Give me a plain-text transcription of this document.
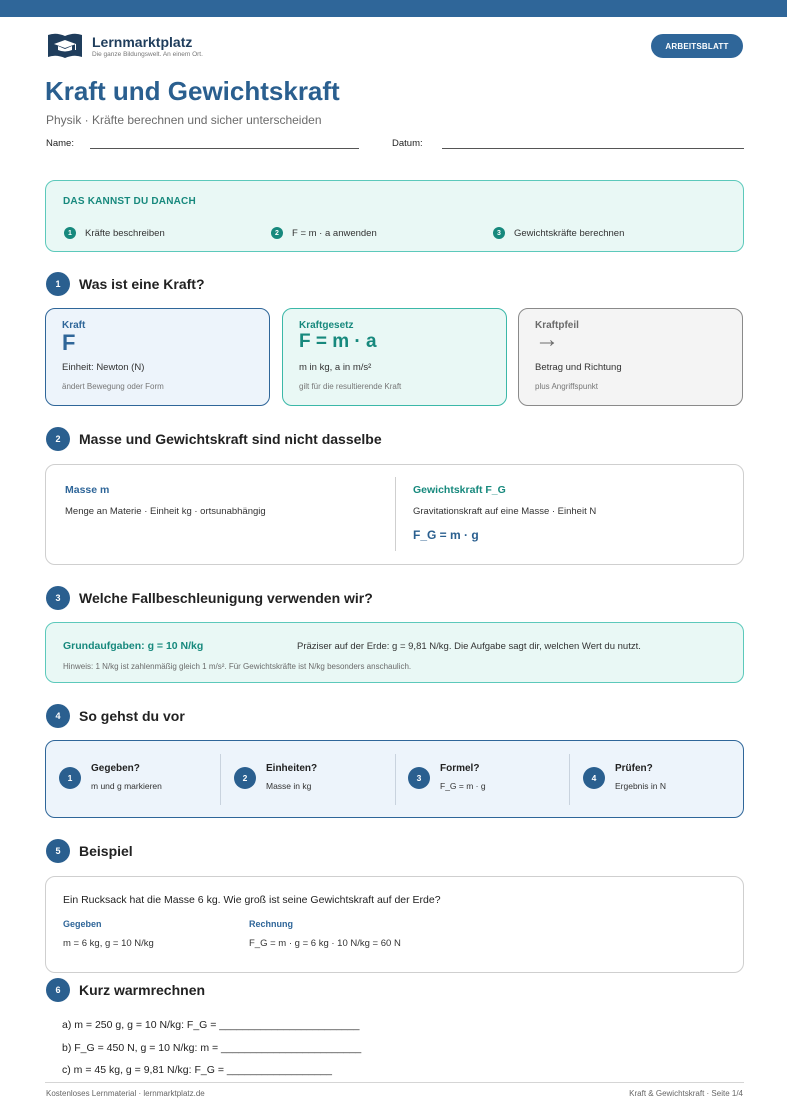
Lernmarktplatz
Die ganze Bildungswelt. An einem Ort.
ARBEITSBLATT
Kraft und Gewichtskraft
Physik · Kräfte berechnen und sicher unterscheiden
Name:	Datum:
DAS KANNST DU DANACH
1	Kräfte beschreiben	2	F = m · a anwenden	3	Gewichtskräfte berechnen
1	Was ist eine Kraft?
Kraft
F
Einheit: Newton (N)
ändert Bewegung oder Form
Kraftgesetz
F = m · a
m in kg, a in m/s²
gilt für die resultierende Kraft
Kraftpfeil
→
Betrag und Richtung
plus Angriffspunkt
2	Masse und Gewichtskraft sind nicht dasselbe
Masse m
Menge an Materie · Einheit kg · ortsunabhängig
Gewichtskraft F_G
Gravitationskraft auf eine Masse · Einheit N
F_G = m · g
3	Welche Fallbeschleunigung verwenden wir?
Grundaufgaben: g = 10 N/kg	Präziser auf der Erde: g = 9,81 N/kg. Die Aufgabe sagt dir, welchen Wert du nutzt.
Hinweis: 1 N/kg ist zahlenmäßig gleich 1 m/s². Für Gewichtskräfte ist N/kg besonders anschaulich.
4	So gehst du vor
1
Gegeben?
m und g markieren
2
Einheiten?
Masse in kg
3
Formel?
F_G = m · g
4
Prüfen?
Ergebnis in N
5	Beispiel
Ein Rucksack hat die Masse 6 kg. Wie groß ist seine Gewichtskraft auf der Erde?
Gegeben
m = 6 kg, g = 10 N/kg
Rechnung
F_G = m · g = 6 kg · 10 N/kg = 60 N
6	Kurz warmrechnen
a) m = 250 g, g = 10 N/kg: F_G = ________________________
b) F_G = 450 N, g = 10 N/kg: m = ________________________
c) m = 45 kg, g = 9,81 N/kg: F_G = __________________
Kostenloses Lernmaterial · lernmarktplatz.de	Kraft & Gewichtskraft · Seite 1/4
